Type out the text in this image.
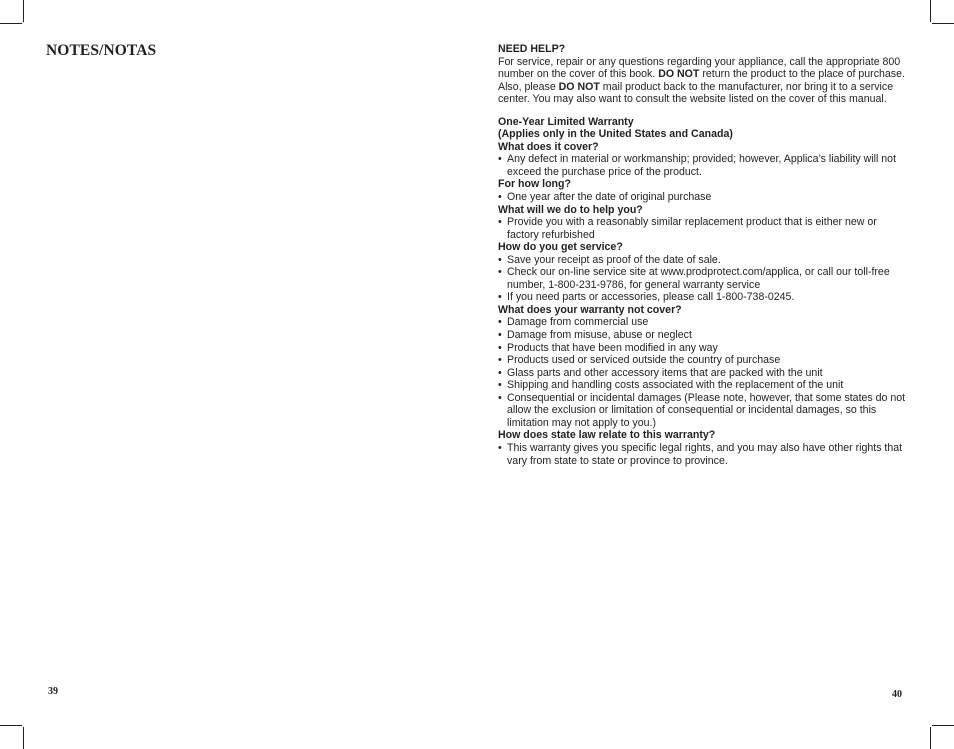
NOTES/NOTAS
39
NEED HELP?

For service, repair or any questions regarding your appliance, call the appropriate 800 number on the cover of this book. DO NOT return the product to the place of purchase. Also, please DO NOT mail product back to the manufacturer, nor bring it to a service center. You may also want to consult the website listed on the cover of this manual.

One-Year Limited Warranty
(Applies only in the United States and Canada)
What does it cover?
• Any defect in material or workmanship; provided; however, Applica’s liability will not exceed the purchase price of the product.
For how long?
• One year after the date of original purchase
What will we do to help you?
• Provide you with a reasonably similar replacement product that is either new or factory refurbished
How do you get service?
• Save your receipt as proof of the date of sale.
• Check our on-line service site at www.prodprotect.com/applica, or call our toll-free number, 1-800-231-9786, for general warranty service
• If you need parts or accessories, please call 1-800-738-0245.
What does your warranty not cover?
• Damage from commercial use
• Damage from misuse, abuse or neglect
• Products that have been modified in any way
• Products used or serviced outside the country of purchase
• Glass parts and other accessory items that are packed with the unit
• Shipping and handling costs associated with the replacement of the unit
• Consequential or incidental damages (Please note, however, that some states do not allow the exclusion or limitation of consequential or incidental damages, so this limitation may not apply to you.)
How does state law relate to this warranty?
• This warranty gives you specific legal rights, and you may also have other rights that vary from state to state or province to province.
40
